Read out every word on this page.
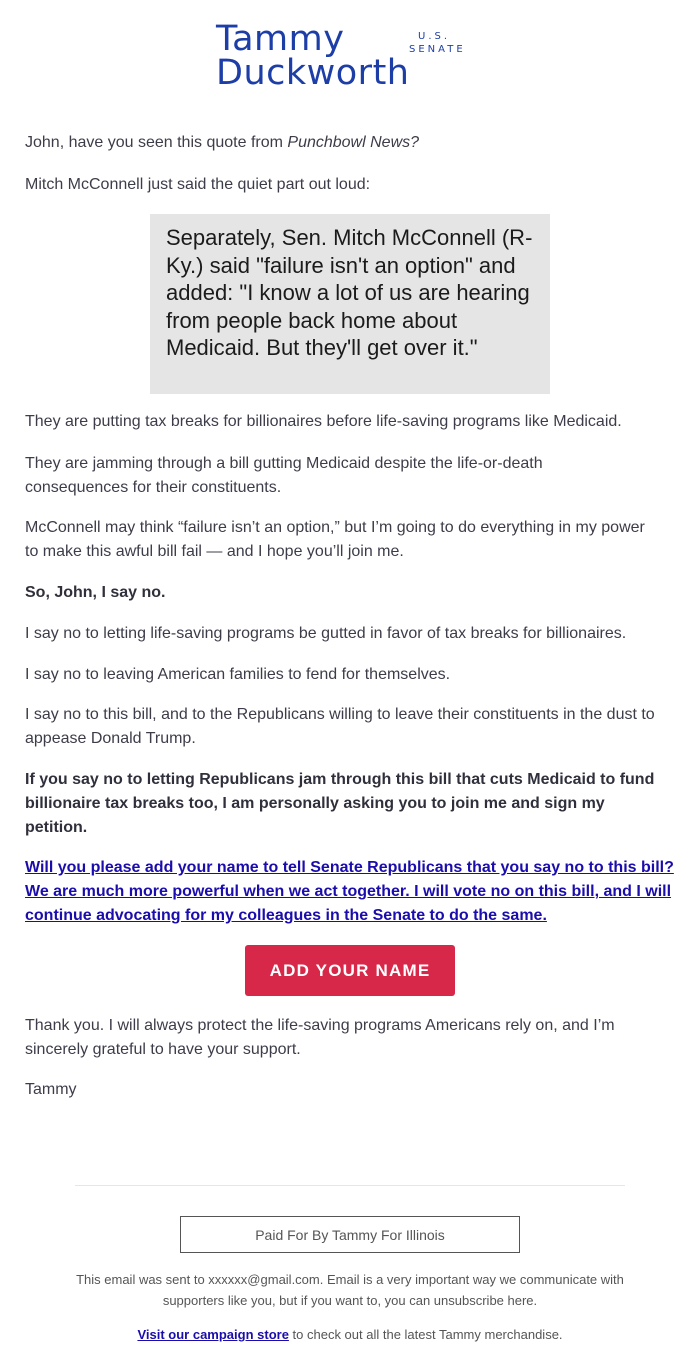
Tammy
Duckworth
U.S.
SENATE

John, have you seen this quote from Punchbowl News?

Mitch McConnell just said the quiet part out loud:

Separately, Sen. Mitch McConnell (R-Ky.) said "failure isn't an option" and added: "I know a lot of us are hearing from people back home about Medicaid. But they'll get over it."

They are putting tax breaks for billionaires before life-saving programs like Medicaid.

They are jamming through a bill gutting Medicaid despite the life-or-death consequences for their constituents.

McConnell may think “failure isn’t an option,” but I’m going to do everything in my power to make this awful bill fail — and I hope you’ll join me.

So, John, I say no.

I say no to letting life-saving programs be gutted in favor of tax breaks for billionaires.

I say no to leaving American families to fend for themselves.

I say no to this bill, and to the Republicans willing to leave their constituents in the dust to appease Donald Trump.

If you say no to letting Republicans jam through this bill that cuts Medicaid to fund billionaire tax breaks too, I am personally asking you to join me and sign my petition.

Will you please add your name to tell Senate Republicans that you say no to this bill? We are much more powerful when we act together. I will vote no on this bill, and I will continue advocating for my colleagues in the Senate to do the same.

ADD YOUR NAME

Thank you. I will always protect the life-saving programs Americans rely on, and I’m sincerely grateful to have your support.

Tammy

Paid For By Tammy For Illinois

This email was sent to xxxxxx@gmail.com. Email is a very important way we communicate with supporters like you, but if you want to, you can unsubscribe here.

Visit our campaign store to check out all the latest Tammy merchandise.
